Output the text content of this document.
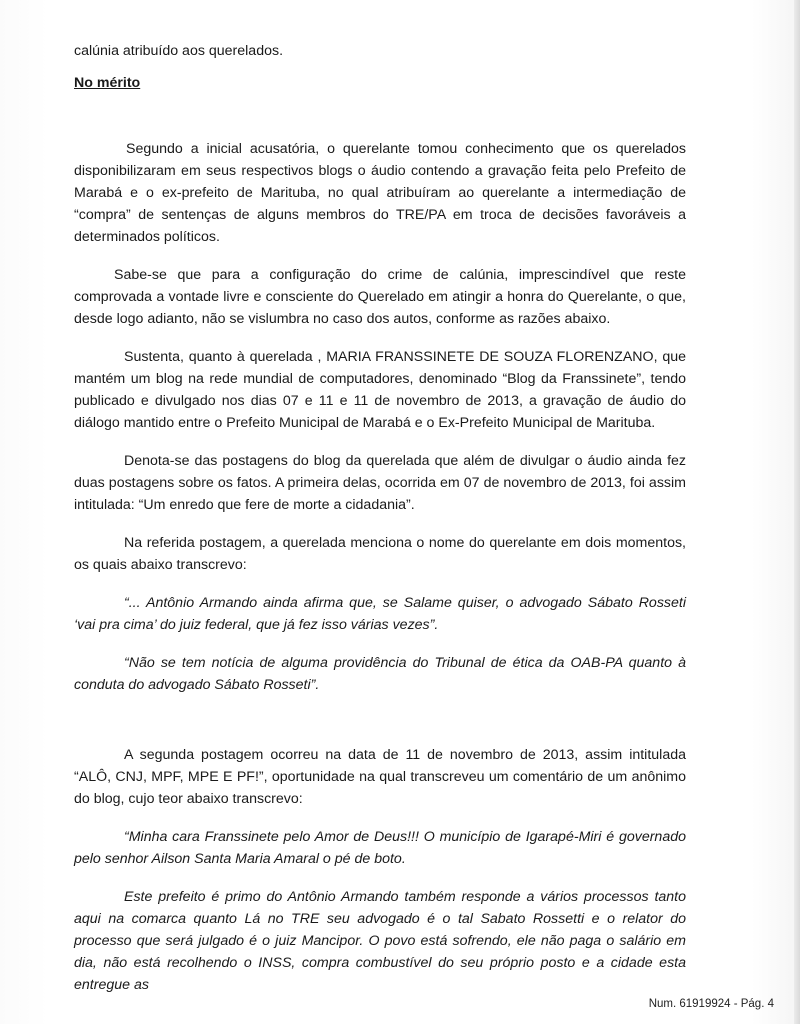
calúnia atribuído aos querelados.

No mérito

Segundo a inicial acusatória, o querelante tomou conhecimento que os querelados disponibilizaram em seus respectivos blogs o áudio contendo a gravação feita pelo Prefeito de Marabá e o ex-prefeito de Marituba, no qual atribuíram ao querelante a intermediação de “compra” de sentenças de alguns membros do TRE/PA em troca de decisões favoráveis a determinados políticos.

Sabe-se que para a configuração do crime de calúnia, imprescindível que reste comprovada a vontade livre e consciente do Querelado em atingir a honra do Querelante, o que, desde logo adianto, não se vislumbra no caso dos autos, conforme as razões abaixo.

Sustenta, quanto à querelada , MARIA FRANSSINETE DE SOUZA FLORENZANO, que mantém um blog na rede mundial de computadores, denominado “Blog da Franssinete”, tendo publicado e divulgado nos dias 07 e 11 e 11 de novembro de 2013, a gravação de áudio do diálogo mantido entre o Prefeito Municipal de Marabá e o Ex-Prefeito Municipal de Marituba.

Denota-se das postagens do blog da querelada que além de divulgar o áudio ainda fez duas postagens sobre os fatos. A primeira delas, ocorrida em 07 de novembro de 2013, foi assim intitulada: “Um enredo que fere de morte a cidadania”.

Na referida postagem, a querelada menciona o nome do querelante em dois momentos, os quais abaixo transcrevo:

“... Antônio Armando ainda afirma que, se Salame quiser, o advogado Sábato Rosseti ‘vai pra cima’ do juiz federal, que já fez isso várias vezes”.

“Não se tem notícia de alguma providência do Tribunal de ética da OAB-PA quanto à conduta do advogado Sábato Rosseti”.

A segunda postagem ocorreu na data de 11 de novembro de 2013, assim intitulada “ALÔ, CNJ, MPF, MPE E PF!”, oportunidade na qual transcreveu um comentário de um anônimo do blog, cujo teor abaixo transcrevo:

“Minha cara Franssinete pelo Amor de Deus!!! O município de Igarapé-Miri é governado pelo senhor Ailson Santa Maria Amaral o pé de boto.

Este prefeito é primo do Antônio Armando também responde a vários processos tanto aqui na comarca quanto Lá no TRE seu advogado é o tal Sabato Rossetti e o relator do processo que será julgado é o juiz Mancipor. O povo está sofrendo, ele não paga o salário em dia, não está recolhendo o INSS, compra combustível do seu próprio posto e a cidade esta entregue as

Num. 61919924 - Pág. 4
